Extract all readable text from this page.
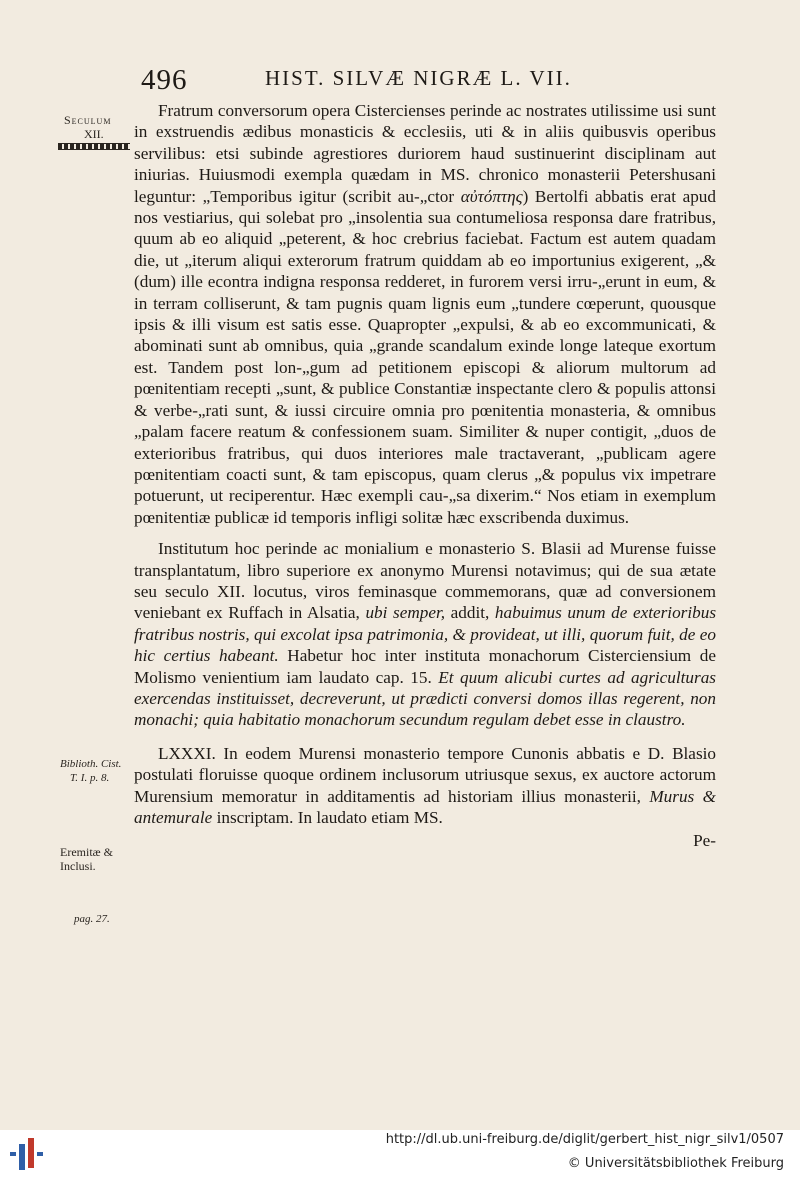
496	HIST. SILVÆ NIGRÆ L. VII.
Seculum
XII.
Biblioth. Cist.
T. I. p. 8.
Eremitæ &
Inclusi.
pag. 27.

Fratrum conversorum opera Cistercienses perinde ac nostrates utilissime usi sunt in exstruendis ædibus monasticis & ecclesiis, uti & in aliis quibusvis operibus servilibus: etsi subinde agrestiores duriorem haud sustinuerint disciplinam aut iniurias. Huiusmodi exempla quædam in MS. chronico monasterii Petershusani leguntur: „Temporibus igitur (scribit au-„ctor αὐτόπτης) Bertolfi abbatis erat apud nos vestiarius, qui solebat pro „insolentia sua contumeliosa responsa dare fratribus, quum ab eo aliquid „peterent, & hoc crebrius faciebat. Factum est autem quadam die, ut „iterum aliqui exterorum fratrum quiddam ab eo importunius exigerent, „& (dum) ille econtra indigna responsa redderet, in furorem versi irru-„erunt in eum, & in terram colliserunt, & tam pugnis quam lignis eum „tundere cœperunt, quousque ipsis & illi visum est satis esse. Quapropter „expulsi, & ab eo excommunicati, & abominati sunt ab omnibus, quia „grande scandalum exinde longe lateque exortum est. Tandem post lon-„gum ad petitionem episcopi & aliorum multorum ad pœnitentiam recepti „sunt, & publice Constantiæ inspectante clero & populis attonsi & verbe-„rati sunt, & iussi circuire omnia pro pœnitentia monasteria, & omnibus „palam facere reatum & confessionem suam. Similiter & nuper contigit, „duos de exterioribus fratribus, qui duos interiores male tractaverant, „publicam agere pœnitentiam coacti sunt, & tam episcopus, quam clerus „& populus vix impetrare potuerunt, ut reciperentur. Hæc exempli cau-„sa dixerim.“ Nos etiam in exemplum pœnitentiæ publicæ id temporis infligi solitæ hæc exscribenda duximus.

Institutum hoc perinde ac monialium e monasterio S. Blasii ad Murense fuisse transplantatum, libro superiore ex anonymo Murensi notavimus; qui de sua ætate seu seculo XII. locutus, viros feminasque commemorans, quæ ad conversionem veniebant ex Ruffach in Alsatia, ubi semper, addit, habuimus unum de exterioribus fratribus nostris, qui excolat ipsa patrimonia, & provideat, ut illi, quorum fuit, de eo hic certius habeant. Habetur hoc inter instituta monachorum Cisterciensium de Molismo venientium iam laudato cap. 15. Et quum alicubi curtes ad agriculturas exercendas instituisset, decreverunt, ut prædicti conversi domos illas regerent, non monachi; quia habitatio monachorum secundum regulam debet esse in claustro.

LXXXI. In eodem Murensi monasterio tempore Cunonis abbatis e D. Blasio postulati floruisse quoque ordinem inclusorum utriusque sexus, ex auctore actorum Murensium memoratur in additamentis ad historiam illius monasterii, Murus & antemurale inscriptam. In laudato etiam MS.

Pe-
http://dl.ub.uni-freiburg.de/diglit/gerbert_hist_nigr_silv1/0507
© Universitätsbibliothek Freiburg
